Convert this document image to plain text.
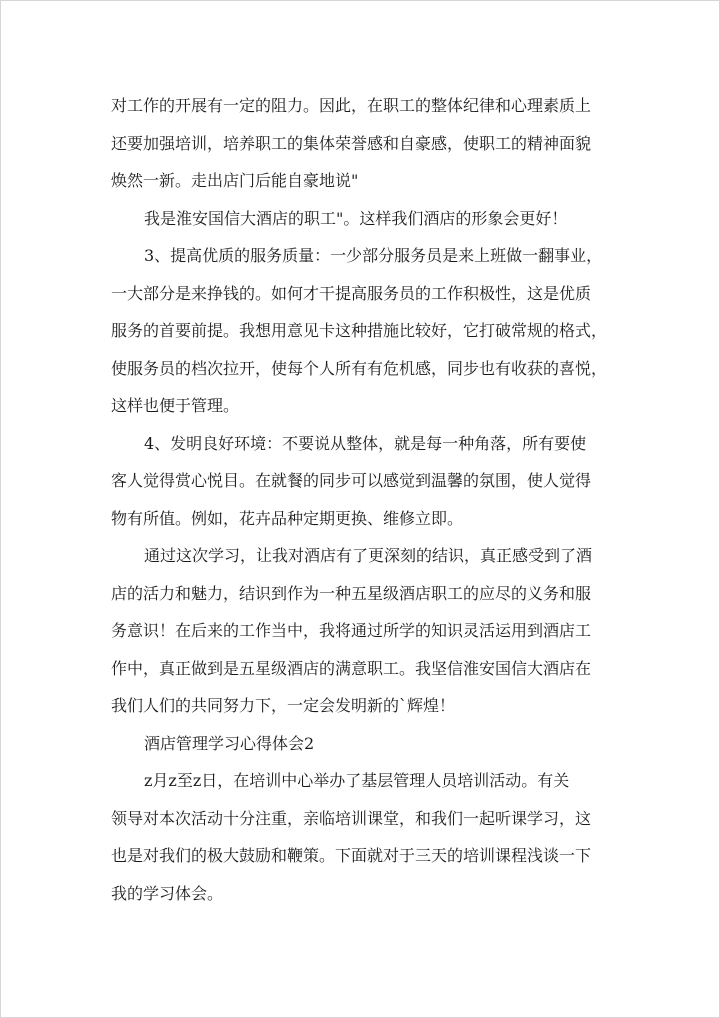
对工作的开展有一定的阻力。因此，在职工的整体纪律和心理素质上
还要加强培训，培养职工的集体荣誉感和自豪感，使职工的精神面貌
焕然一新。走出店门后能自豪地说"
我是淮安国信大酒店的职工"。这样我们酒店的形象会更好！
3、提高优质的服务质量：一少部分服务员是来上班做一翻事业，
一大部分是来挣钱的。如何才干提高服务员的工作积极性，这是优质
服务的首要前提。我想用意见卡这种措施比较好，它打破常规的格式，
使服务员的档次拉开，使每个人所有有危机感，同步也有收获的喜悦，
这样也便于管理。
4、发明良好环境：不要说从整体，就是每一种角落，所有要使
客人觉得赏心悦目。在就餐的同步可以感觉到温馨的氛围，使人觉得
物有所值。例如，花卉品种定期更换、维修立即。
通过这次学习，让我对酒店有了更深刻的结识，真正感受到了酒
店的活力和魅力，结识到作为一种五星级酒店职工的应尽的义务和服
务意识！在后来的工作当中，我将通过所学的知识灵活运用到酒店工
作中，真正做到是五星级酒店的满意职工。我坚信淮安国信大酒店在
我们人们的共同努力下，一定会发明新的`辉煌！
酒店管理学习心得体会2
z月z至z日，在培训中心举办了基层管理人员培训活动。有关
领导对本次活动十分注重，亲临培训课堂，和我们一起听课学习，这
也是对我们的极大鼓励和鞭策。下面就对于三天的培训课程浅谈一下
我的学习体会。
